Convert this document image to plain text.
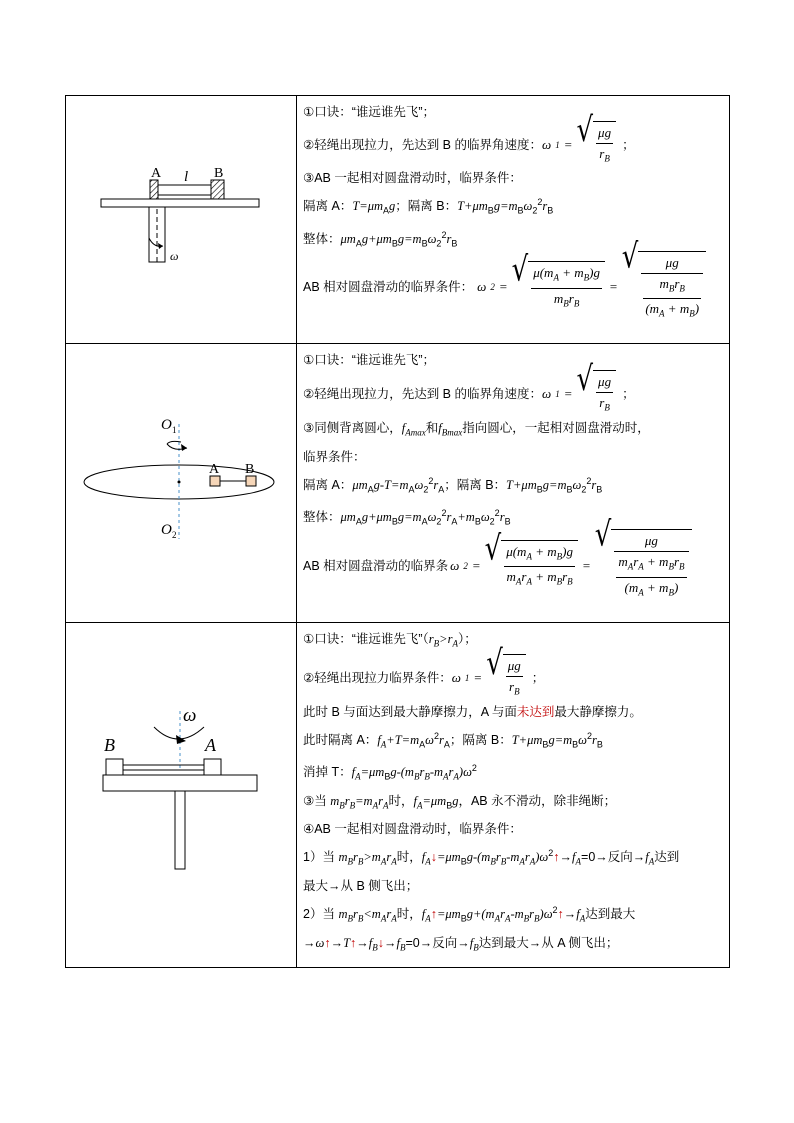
A	B
l
ω
①口诀：“谁远谁先飞”；
②轻绳出现拉力，先达到 B 的临界角速度： ω 1 = √ $\frac{\mu g}{r_B}$ ；
③AB 一起相对圆盘滑动时，临界条件：
隔离 A：$T=\mu m_Ag$；隔离 B：$T+\mu m_Bg=m_B\omega_2^2r_B$
整体：$\mu m_Ag+\mu m_Bg=m_B\omega_2^2r_B$
AB 相对圆盘滑动的临界条件： ω 2 = √ $\frac{\mu(m_A + m_B)g}{m_Br_B}$ =
√ $\frac{\mu g}{\frac{m_Br_B}{(m_A + m_B)}}$
O 1
O 2
A B
①口诀：“谁远谁先飞”；
②轻绳出现拉力，先达到 B 的临界角速度： ω 1 = √ $\frac{\mu g}{r_B}$ ；
③同侧背离圆心，$f_{Amax}$和$f_{Bmax}$指向圆心，一起相对圆盘滑动时，
临界条件：
隔离 A：$\mu m_Ag-T=m_A\omega_2^2r_A$；隔离 B：$T+\mu m_Bg=m_B\omega_2^2r_B$
整体：$\mu m_Ag+\mu m_Bg=m_A\omega_2^2r_A+m_B\omega_2^2r_B$
AB 相对圆盘滑动的临界条 ω 2 = √ $\frac{\mu(m_A + m_B)g}{m_Ar_A + m_Br_B}$ =
√ $\frac{\mu g}{\frac{m_Ar_A + m_Br_B}{(m_A + m_B)}}$
ω
B	A
①口诀：“谁远谁先飞$”(r_B>r_A)$；
②轻绳出现拉力临界条件： ω 1 = √ $\frac{\mu g}{r_B}$ ；
此时 B 与面达到最大静摩擦力，A 与面未达到最大静摩擦力。
此时隔离 A：$f_A+T=m_A\omega^2r_A$；隔离 B：$T+\mu m_Bg=m_B\omega^2r_B$
消掉 T：$f_A=\mu m_Bg-(m_Br_B-m_Ar_A)\omega^2$
③当 $m_Br_B=m_Ar_A$时，$f_A=\mu m_Bg$，AB 永不滑动，除非绳断；
④AB 一起相对圆盘滑动时，临界条件：
1）当 $m_Br_B>m_Ar_A$时，$f_A↓=\mu m_Bg-(m_Br_B-m_Ar_A)\omega^2↑\to f_A=0\to$反向$\to f_A$达到
最大→从 B 侧飞出；
2）当 $m_Br_B<m_Ar_A$时，$f_A↑=\mu m_Bg+(m_Ar_A-m_Br_B)\omega^2↑\to f_A$达到最大
$\to\omega↑\to T↑\to f_B↓\to f_B=0\to$反向$\to f_B$达到最大→从 A 侧飞出；
